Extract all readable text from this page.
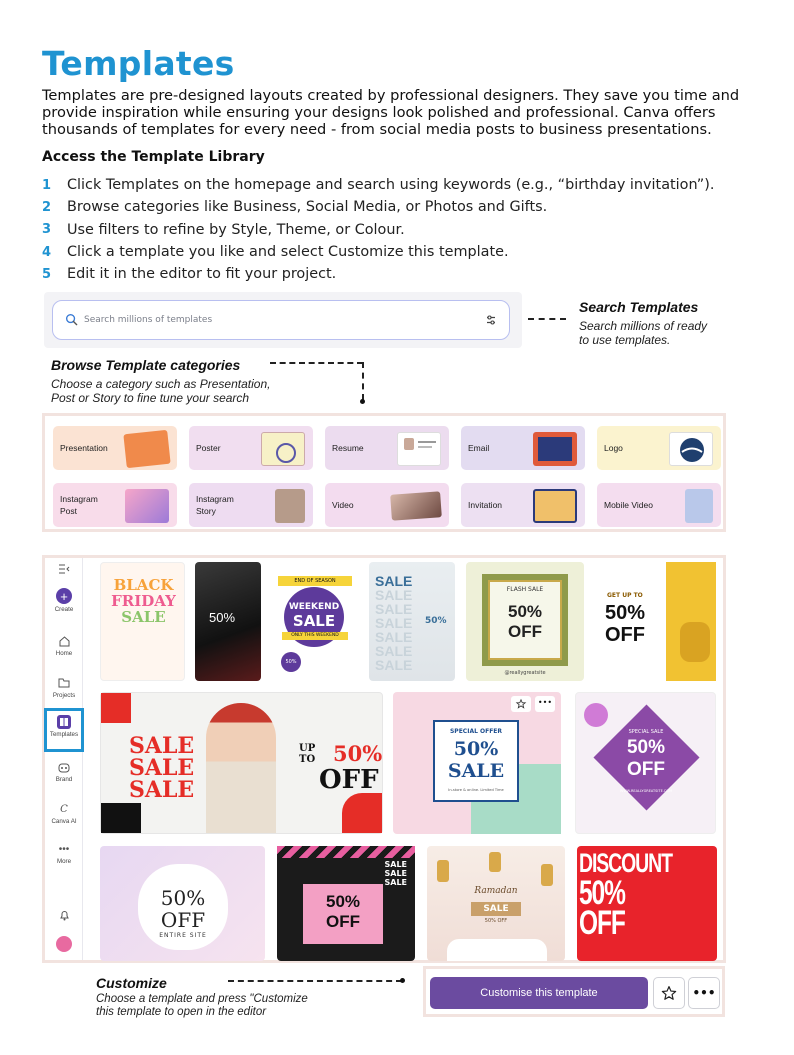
Templates

Templates are pre-designed layouts created by professional designers. They save you time and provide inspiration while ensuring your designs look polished and professional. Canva offers thousands of templates for every need - from social media posts to business presentations.

Access the Template Library
1	Click Templates on the homepage and search using keywords (e.g., “birthday invitation”).
2	Browse categories like Business, Social Media, or Photos and Gifts.
3	Use filters to refine by Style, Theme, or Colour.
4	Click a template you like and select Customize this template.
5	Edit it in the editor to fit your project.
Search millions of templates
Search Templates
Search millions of ready
to use templates.
Browse Template categories
Choose a category such as Presentation,
Post or Story to fine tune your search
Presentation	Poster	Resume	Email	Logo
Instagram
Post
Instagram
Story
Video	Invitation	Mobile Video
+
Create
Home
Projects
Templates
Brand
C
Canva AI
•••
More
BLACK
FRIDAY
SALE	50%
END OF SEASON
WEEKEND
SALE
ONLY THIS WEEKEND
50% OFF
SALE
SALE
SALE
SALE
SALE
SALE
SALE
50%
FLASH SALE
50%
OFF
@reallygreatsite
GET UP TO
50%
OFF
SALE
SALE
SALE
UP
TO 50%
OFF
SPECIAL OFFER
50%
SALE
In-store & online. Limited Time
•••
SPECIAL SALE
50%
OFF
WWW.REALLYGREATSITE.COM
50%
OFF
ENTIRE SITE
SALE
SALE
SALE
50%
OFF
Ramadan
SALE
50% OFF
DISCOUNT
50%
OFF
Customize
Choose a template and press "Customize
this template to open in the editor
Customise this template	•••
